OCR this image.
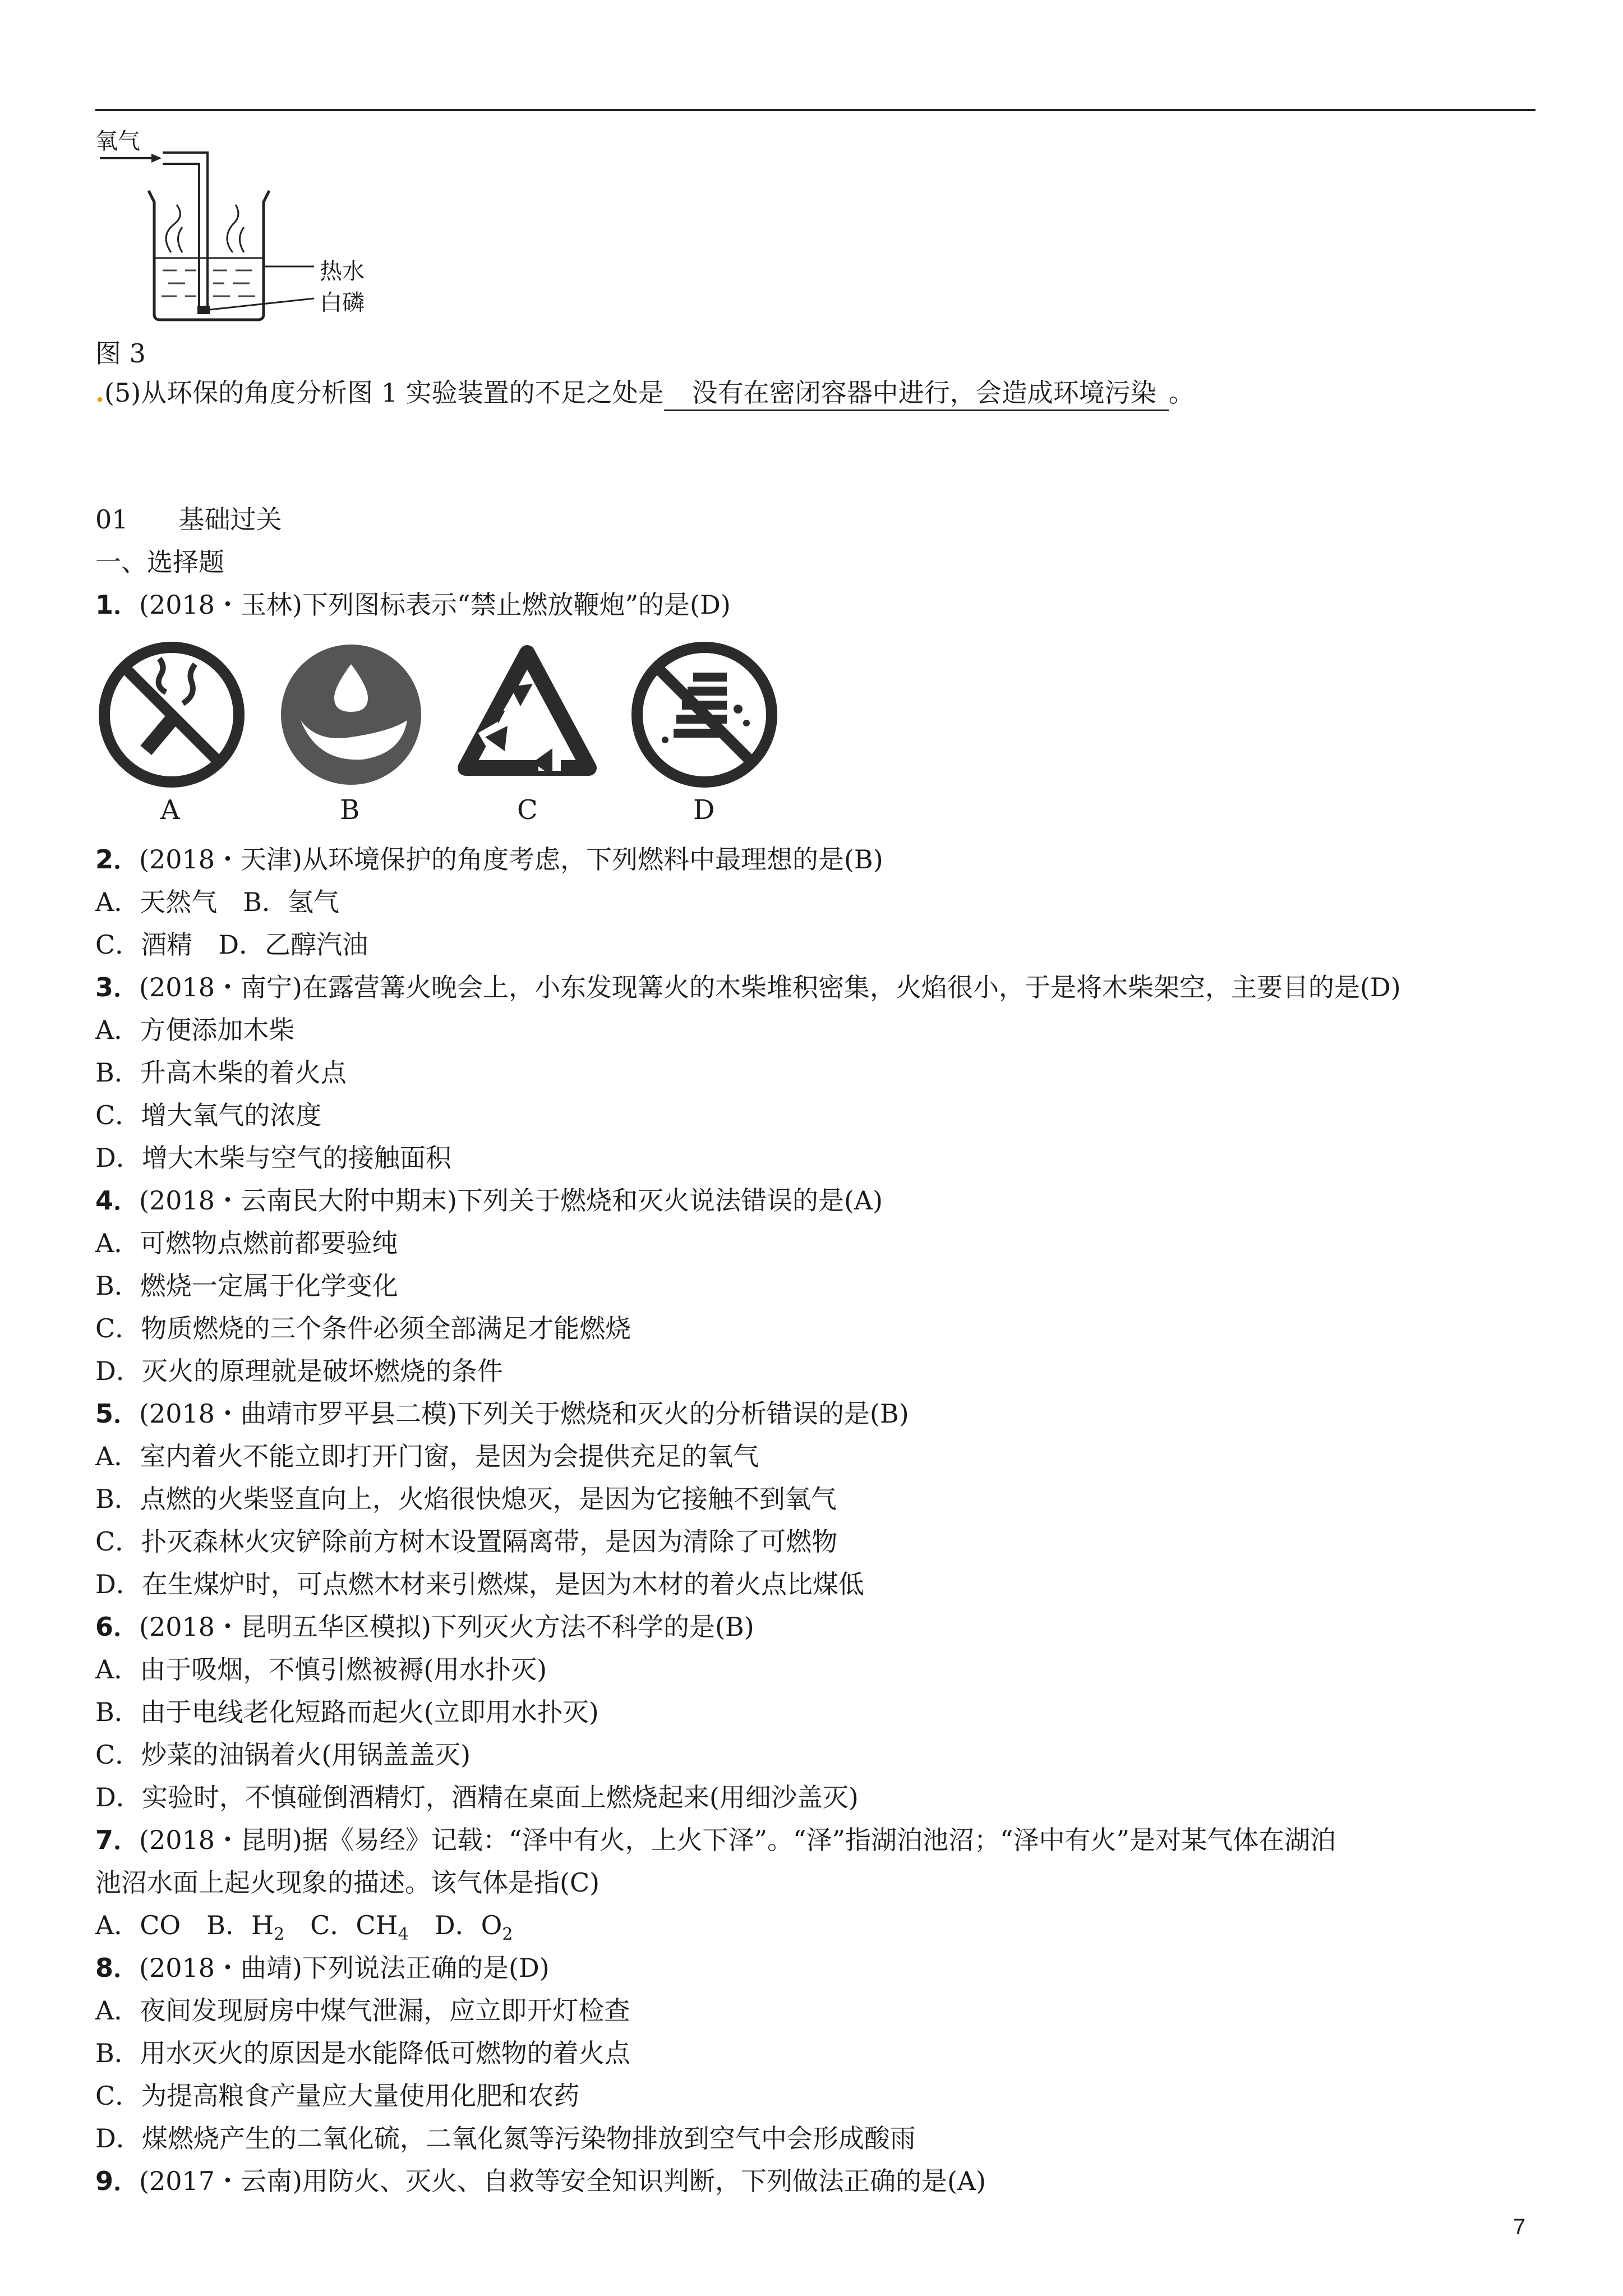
氧气
热水
白磷
图 3
.(5)从环保的角度分析图 1 实验装置的不足之处是 没有在密闭容器中进行，会造成环境污染 。
01 基础过关
一、选择题
1．(2018・玉林)下列图标表示“禁止燃放鞭炮”的是(D)
A	B	C	D
2．(2018・天津)从环境保护的角度考虑，下列燃料中最理想的是(B)
A．天然气　B．氢气
C．酒精　D．乙醇汽油
3．(2018・南宁)在露营篝火晚会上，小东发现篝火的木柴堆积密集，火焰很小，于是将木柴架空，主要目的是(D)
A．方便添加木柴
B．升高木柴的着火点
C．增大氧气的浓度
D．增大木柴与空气的接触面积
4．(2018・云南民大附中期末)下列关于燃烧和灭火说法错误的是(A)
A．可燃物点燃前都要验纯
B．燃烧一定属于化学变化
C．物质燃烧的三个条件必须全部满足才能燃烧
D．灭火的原理就是破坏燃烧的条件
5．(2018・曲靖市罗平县二模)下列关于燃烧和灭火的分析错误的是(B)
A．室内着火不能立即打开门窗，是因为会提供充足的氧气
B．点燃的火柴竖直向上，火焰很快熄灭，是因为它接触不到氧气
C．扑灭森林火灾铲除前方树木设置隔离带，是因为清除了可燃物
D．在生煤炉时，可点燃木材来引燃煤，是因为木材的着火点比煤低
6．(2018・昆明五华区模拟)下列灭火方法不科学的是(B)
A．由于吸烟，不慎引燃被褥(用水扑灭)
B．由于电线老化短路而起火(立即用水扑灭)
C．炒菜的油锅着火(用锅盖盖灭)
D．实验时，不慎碰倒酒精灯，酒精在桌面上燃烧起来(用细沙盖灭)
7．(2018・昆明)据《易经》记载：“泽中有火，上火下泽”。“泽”指湖泊池沼；“泽中有火”是对某气体在湖泊
池沼水面上起火现象的描述。该气体是指(C)
A．CO　 B．$H_2$　 C．$CH_4$　 D．$O_2$
8．(2018・曲靖)下列说法正确的是(D)
A．夜间发现厨房中煤气泄漏，应立即开灯检查
B．用水灭火的原因是水能降低可燃物的着火点
C．为提高粮食产量应大量使用化肥和农药
D．煤燃烧产生的二氧化硫，二氧化氮等污染物排放到空气中会形成酸雨
9．(2017・云南)用防火、灭火、自救等安全知识判断，下列做法正确的是(A)
7
